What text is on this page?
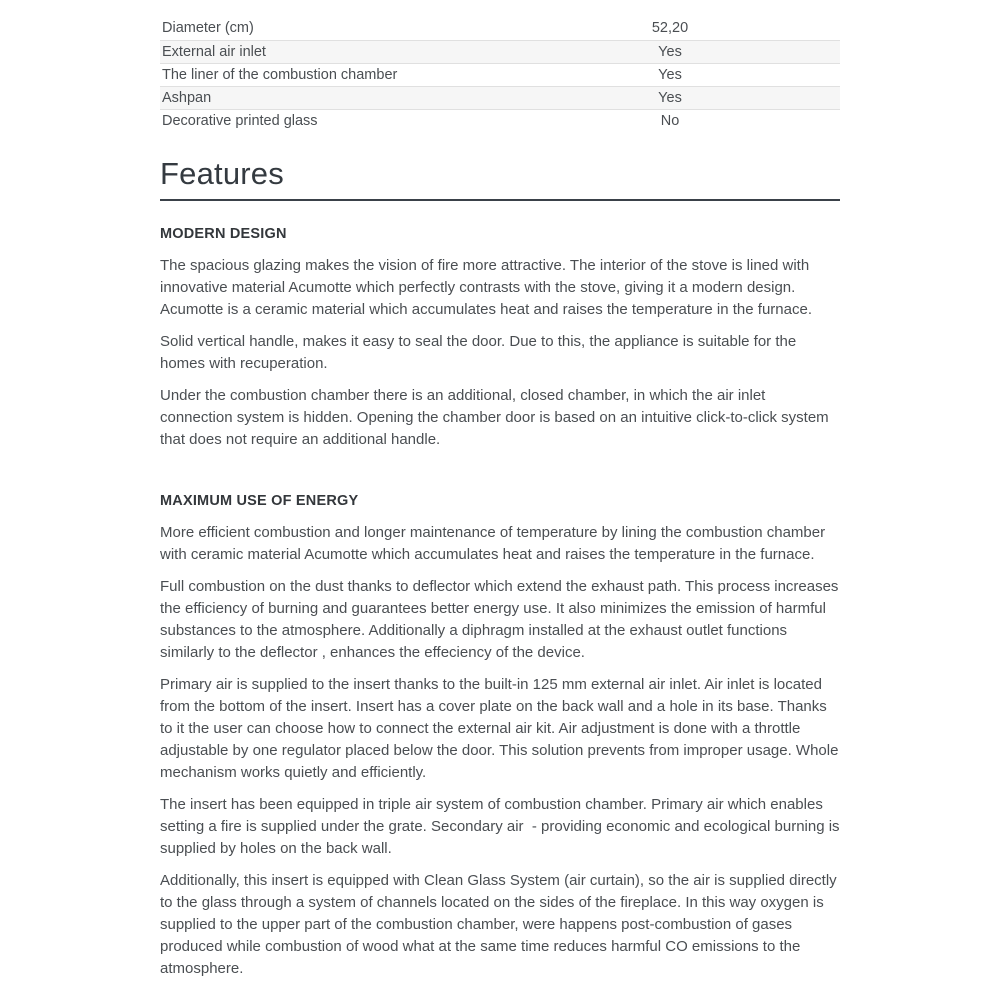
Diameter (cm)	52,20
External air inlet	Yes
The liner of the combustion chamber	Yes
Ashpan	Yes
Decorative printed glass	No
Features
MODERN DESIGN

The spacious glazing makes the vision of fire more attractive. The interior of the stove is lined with innovative material Acumotte which perfectly contrasts with the stove, giving it a modern design. Acumotte is a ceramic material which accumulates heat and raises the temperature in the furnace.

Solid vertical handle, makes it easy to seal the door. Due to this, the appliance is suitable for the homes with recuperation.

Under the combustion chamber there is an additional, closed chamber, in which the air inlet connection system is hidden. Opening the chamber door is based on an intuitive click-to-click system that does not require an additional handle.

MAXIMUM USE OF ENERGY

More efficient combustion and longer maintenance of temperature by lining the combustion chamber with ceramic material Acumotte which accumulates heat and raises the temperature in the furnace.

Full combustion on the dust thanks to deflector which extend the exhaust path. This process increases the efficiency of burning and guarantees better energy use. It also minimizes the emission of harmful substances to the atmosphere. Additionally a diphragm installed at the exhaust outlet functions similarly to the deflector , enhances the effeciency of the device.

Primary air is supplied to the insert thanks to the built-in 125 mm external air inlet. Air inlet is located from the bottom of the insert. Insert has a cover plate on the back wall and a hole in its base. Thanks to it the user can choose how to connect the external air kit. Air adjustment is done with a throttle adjustable by one regulator placed below the door. This solution prevents from improper usage. Whole mechanism works quietly and efficiently.

The insert has been equipped in triple air system of combustion chamber. Primary air which enables setting a fire is supplied under the grate. Secondary air  - providing economic and ecological burning is supplied by holes on the back wall.

Additionally, this insert is equipped with Clean Glass System (air curtain), so the air is supplied directly to the glass through a system of channels located on the sides of the fireplace. In this way oxygen is supplied to the upper part of the combustion chamber, were happens post-combustion of gases produced while combustion of wood what at the same time reduces harmful CO emissions to the atmosphere.
